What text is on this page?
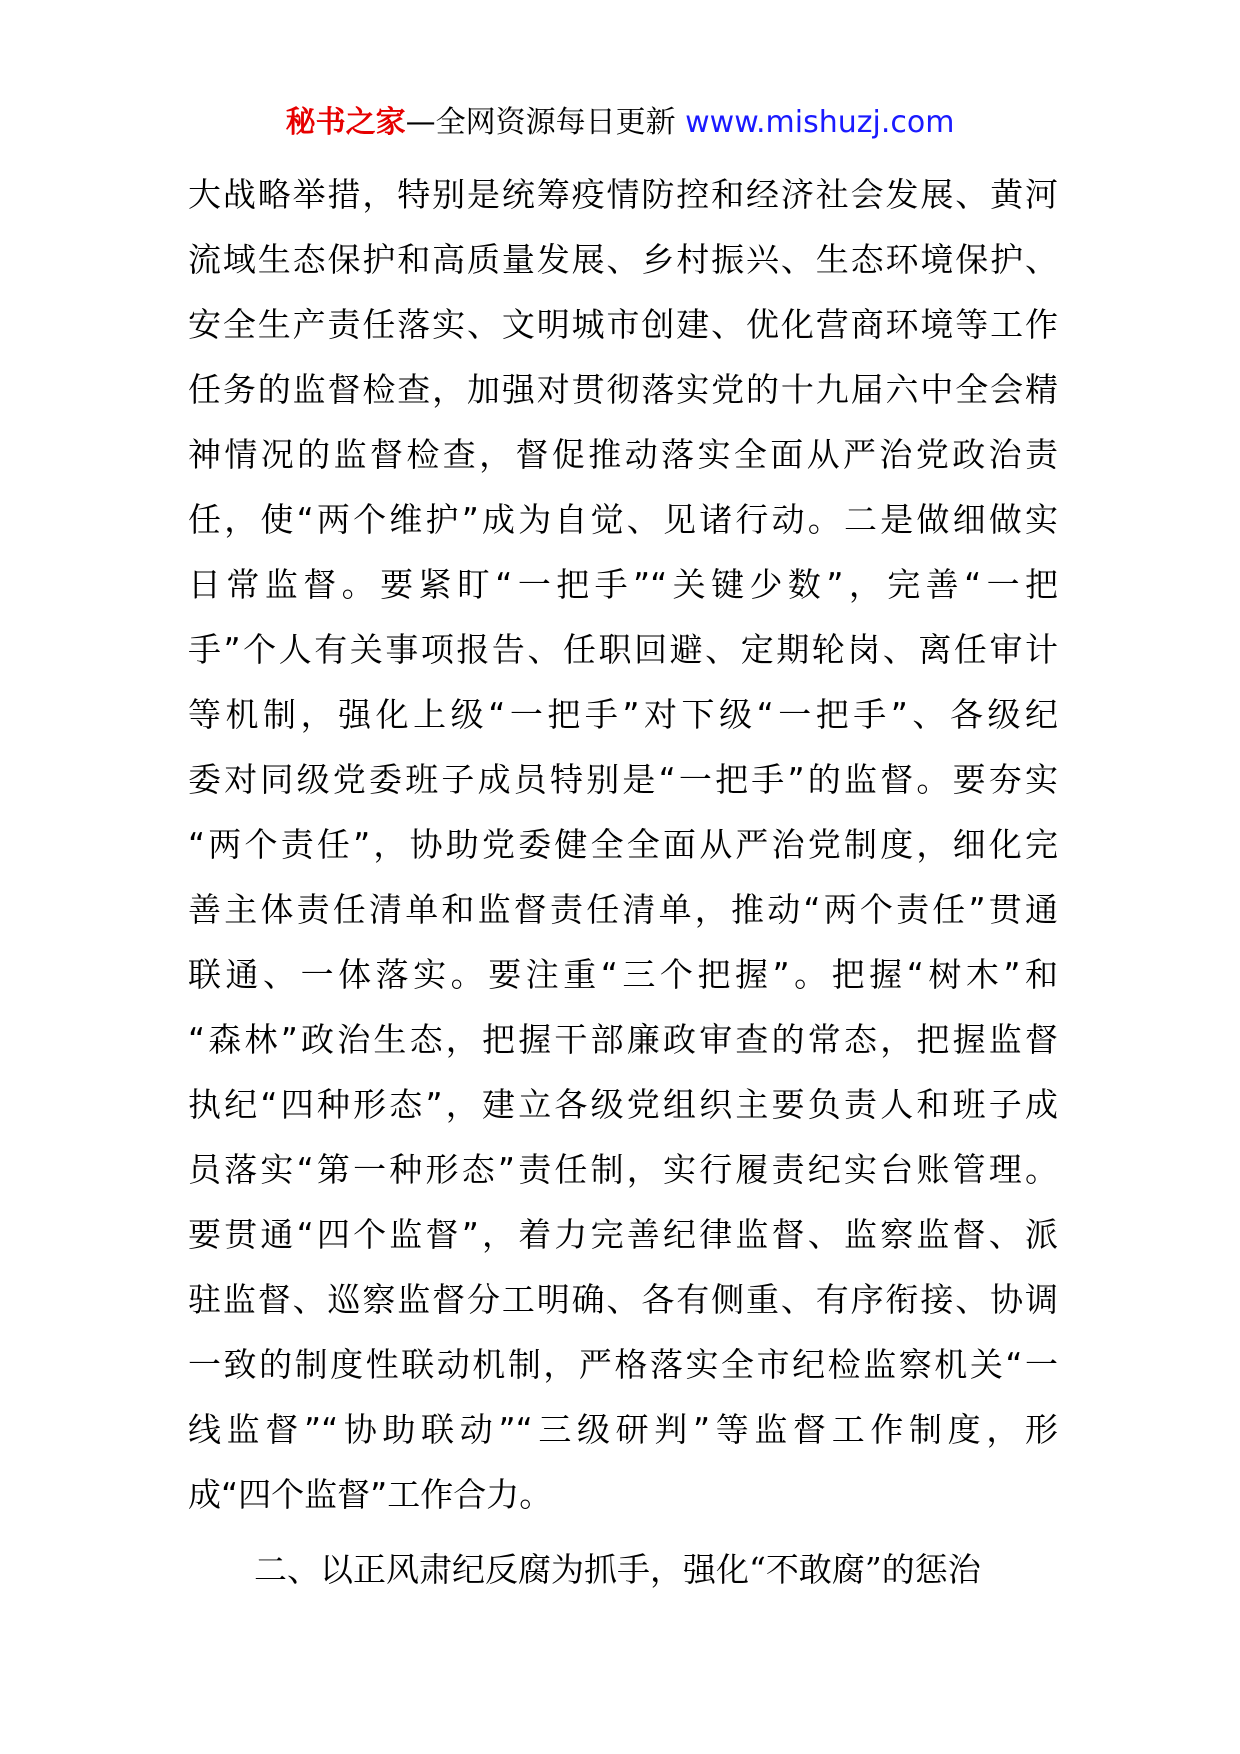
秘书之家—全网资源每日更新 www.mishuzj.com
大战略举措，特别是统筹疫情防控和经济社会发展、黄河
流域生态保护和高质量发展、乡村振兴、生态环境保护、
安全生产责任落实、文明城市创建、优化营商环境等工作
任务的监督检查，加强对贯彻落实党的十九届六中全会精
神情况的监督检查，督促推动落实全面从严治党政治责
任，使“两个维护”成为自觉、见诸行动。二是做细做实
日常监督。要紧盯“一把手”“关键少数”，完善“一把
手”个人有关事项报告、任职回避、定期轮岗、离任审计
等机制，强化上级“一把手”对下级“一把手”、各级纪
委对同级党委班子成员特别是“一把手”的监督。要夯实
“两个责任”，协助党委健全全面从严治党制度，细化完
善主体责任清单和监督责任清单，推动“两个责任”贯通
联通、一体落实。要注重“三个把握”。把握“树木”和
“森林”政治生态，把握干部廉政审查的常态，把握监督
执纪“四种形态”，建立各级党组织主要负责人和班子成
员落实“第一种形态”责任制，实行履责纪实台账管理。
要贯通“四个监督”，着力完善纪律监督、监察监督、派
驻监督、巡察监督分工明确、各有侧重、有序衔接、协调
一致的制度性联动机制，严格落实全市纪检监察机关“一
线监督”“协助联动”“三级研判”等监督工作制度，形
成“四个监督”工作合力。
二、以正风肃纪反腐为抓手，强化“不敢腐”的惩治
